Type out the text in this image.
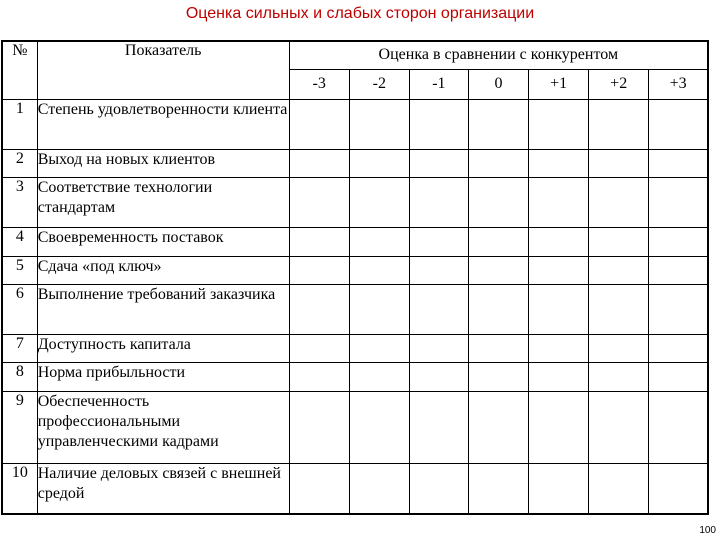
Оценка сильных и слабых сторон организации
№	Показатель	Оценка в сравнении с конкурентом						
		-3	-2	-1	0	+1	+2	+3
1	Степень удовлетворенности клиента							
2	Выход на новых клиентов							
3	Соответствие технологии стандартам							
4	Своевременность поставок							
5	Сдача «под ключ»							
6	Выполнение требований заказчика							
7	Доступность капитала							
8	Норма прибыльности							
9	Обеспеченность профессиональными управленческими кадрами							
10	Наличие деловых связей с внешней средой							
100
